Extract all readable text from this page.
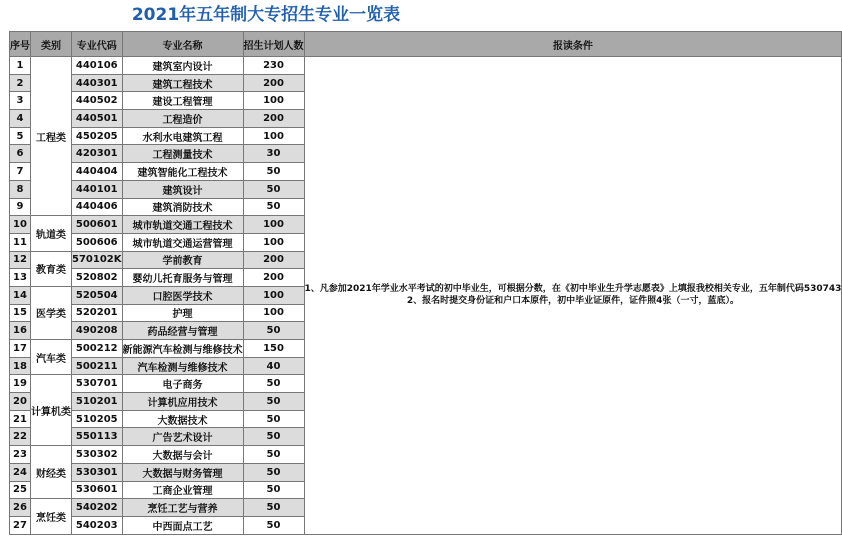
2021年五年制大专招生专业一览表
序号	类别	专业代码	专业名称	招生计划人数	报读条件
1	工程类	440106	建筑室内设计	230	1、凡参加2021年学业水平考试的初中毕业生，可根据分数，在《初中毕业生升学志愿表》上填报我校相关专业，五年制代码530743

2、报名时提交身份证和户口本原件，初中毕业证原件，证件照4张（一寸，蓝底）。

2		440301	建筑工程技术	200	
3		440502	建设工程管理	100	
4		440501	工程造价	200	
5		450205	水利水电建筑工程	100	
6		420301	工程测量技术	30	
7		440404	建筑智能化工程技术	50	
8		440101	建筑设计	50	
9		440406	建筑消防技术	50	
10	轨道类	500601	城市轨道交通工程技术	100	
11		500606	城市轨道交通运营管理	100	
12	教育类	570102K	学前教育	200	
13		520802	婴幼儿托育服务与管理	200	
14	医学类	520504	口腔医学技术	100	
15		520201	护理	100	
16		490208	药品经营与管理	50	
17	汽车类	500212	新能源汽车检测与维修技术	150	
18		500211	汽车检测与维修技术	40	
19	计算机类	530701	电子商务	50	
20		510201	计算机应用技术	50	
21		510205	大数据技术	50	
22		550113	广告艺术设计	50	
23	财经类	530302	大数据与会计	50	
24		530301	大数据与财务管理	50	
25		530601	工商企业管理	50	
26	烹饪类	540202	烹饪工艺与营养	50	
27		540203	中西面点工艺	50	
